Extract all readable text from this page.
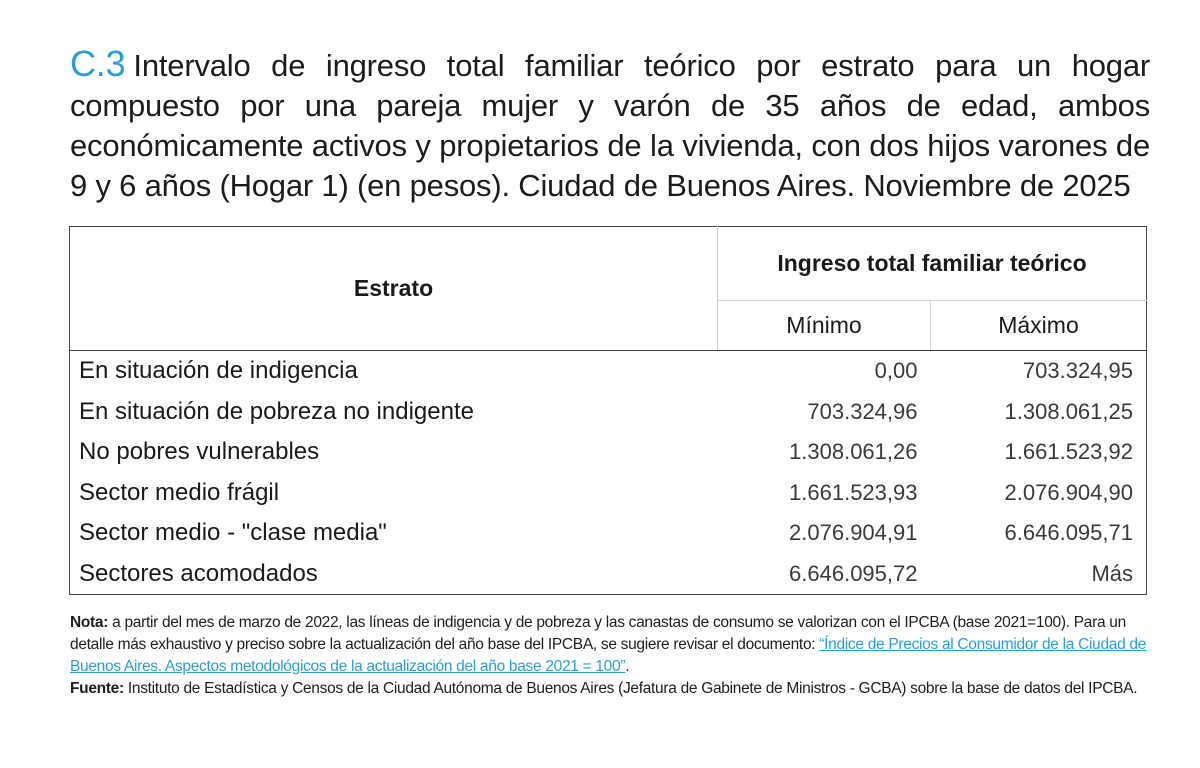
C.3 Intervalo de ingreso total familiar teórico por estrato para un hogar
compuesto por una pareja mujer y varón de 35 años de edad, ambos
económicamente activos y propietarios de la vivienda, con dos hijos varones de
9 y 6 años (Hogar 1) (en pesos). Ciudad de Buenos Aires. Noviembre de 2025
Estrato	Ingreso total familiar teórico	
	Mínimo	Máximo
En situación de indigencia	0,00	703.324,95
En situación de pobreza no indigente	703.324,96	1.308.061,25
No pobres vulnerables	1.308.061,26	1.661.523,92
Sector medio frágil	1.661.523,93	2.076.904,90
Sector medio - "clase media"	2.076.904,91	6.646.095,71
Sectores acomodados	6.646.095,72	Más
Nota: a partir del mes de marzo de 2022, las líneas de indigencia y de pobreza y las canastas de consumo se valorizan con el IPCBA (base 2021=100). Para un detalle más exhaustivo y preciso sobre la actualización del año base del IPCBA, se sugiere revisar el documento: “Índice de Precios al Consumidor de la Ciudad de Buenos Aires. Aspectos metodológicos de la actualización del año base 2021 = 100”.
Fuente: Instituto de Estadística y Censos de la Ciudad Autónoma de Buenos Aires (Jefatura de Gabinete de Ministros - GCBA) sobre la base de datos del IPCBA.
